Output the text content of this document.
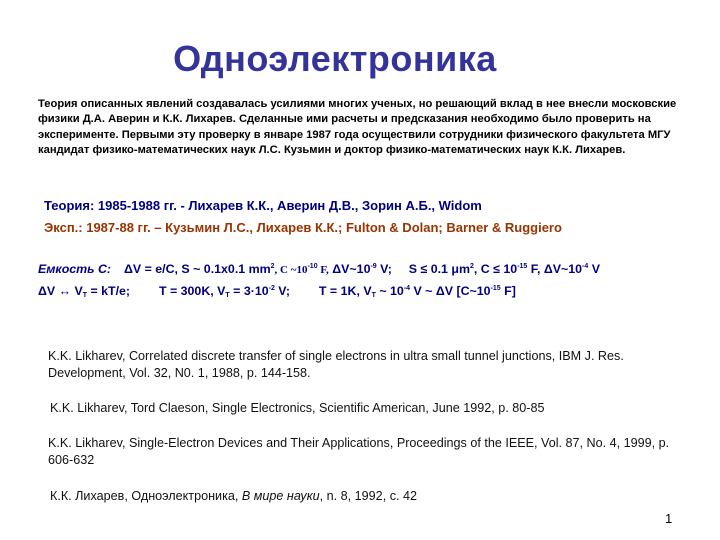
Одноэлектроника
Теория описанных явлений создавалась усилиями многих ученых, но решающий вклад в нее внесли московские физики Д.А. Аверин и К.К. Лихарев. Сделанные ими расчеты и предсказания необходимо было проверить на эксперименте. Первыми эту проверку в январе 1987 года осуществили сотрудники физического факультета МГУ кандидат физико-математических наук Л.С. Кузьмин и доктор физико-математических наук К.К. Лихарев.
Теория: 1985-1988 гг. - Лихарев К.К., Аверин Д.В., Зорин А.Б., Widom
Эксп.: 1987-88 гг. – Кузьмин Л.С., Лихарев К.К.; Fulton & Dolan; Barner & Ruggiero
Емкость С: ΔV = e/C, S ~ 0.1x0.1 $mm^2$, C $\sim 10^{-10}$ F, $\Delta V\sim 10^{-9}$ V; S ≤ 0.1 $\mu m^2$, $C \le 10^{-15}$ F, $\Delta V\sim 10^{-4}$ V
ΔV ↔ $V_T = kT/e$; T = 300K, $V_T = 3\cdot 10^{-2}$ V; T = 1K, $V_T$ ~ $10^{-4}$ V ~ ΔV [$C\sim 10^{-15}$ F]
K.K. Likharev, Correlated discrete transfer of single electrons in ultra small tunnel junctions, IBM J. Res. Development, Vol. 32, N0. 1, 1988, p. 144-158.
K.K. Likharev, Tord Claeson, Single Electronics, Scientific American, June 1992, p. 80-85
K.K. Likharev, Single-Electron Devices and Their Applications, Proceedings of the IEEE, Vol. 87, No. 4, 1999, p. 606-632
К.К. Лихарев, Одноэлектроника, В мире науки, n. 8, 1992, с. 42
1
